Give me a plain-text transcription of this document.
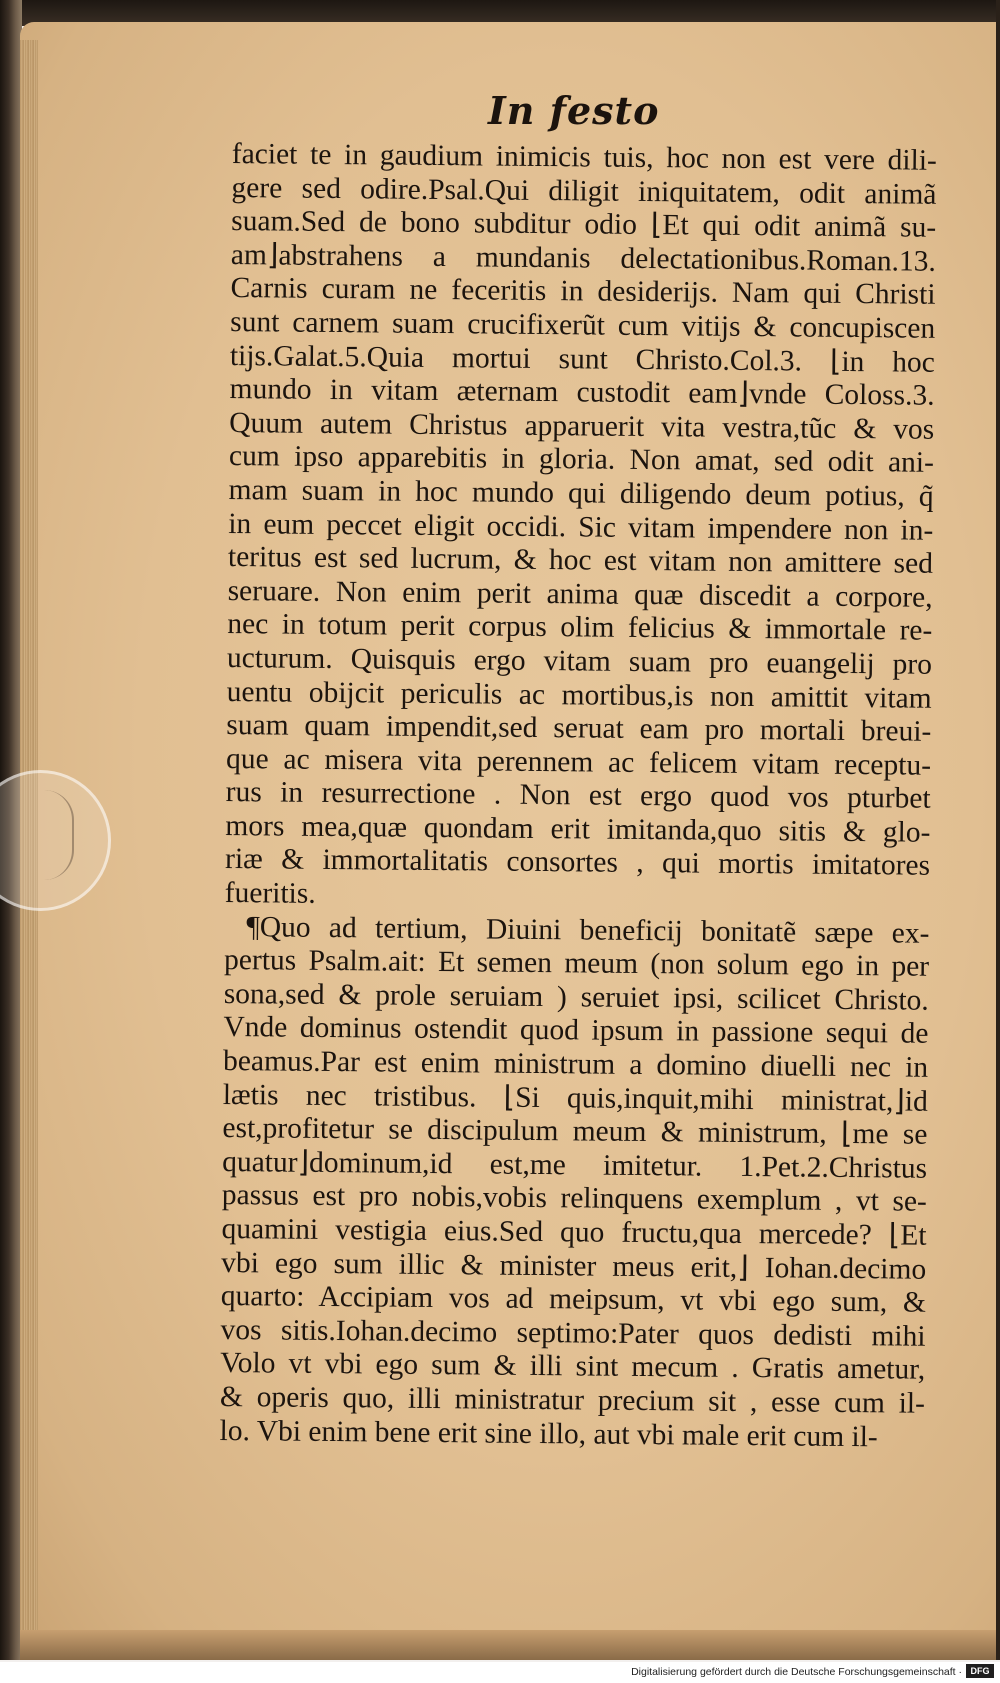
In festo
faciet te in gaudium inimicis tuis, hoc non est vere dili-
gere sed odire.Psal.Qui diligit iniquitatem, odit animã
suam.Sed de bono subditur odio ⌊Et qui odit animã su-
am⌋abstrahens a mundanis delectationibus.Roman.13.
Carnis curam ne feceritis in desiderijs. Nam qui Christi
sunt carnem suam crucifixerũt cum vitijs & concupiscen
tijs.Galat.5.Quia mortui sunt Christo.Col.3. ⌊in hoc
mundo in vitam æternam custodit eam⌋vnde Coloss.3.
Quum autem Christus apparuerit vita vestra,tũc & vos
cum ipso apparebitis in gloria. Non amat, sed odit ani-
mam suam in hoc mundo qui diligendo deum potius, q̃
in eum peccet eligit occidi. Sic vitam impendere non in-
teritus est sed lucrum, & hoc est vitam non amittere sed
seruare. Non enim perit anima quæ discedit a corpore,
nec in totum perit corpus olim felicius & immortale re-
ucturum. Quisquis ergo vitam suam pro euangelij pro
uentu obijcit periculis ac mortibus,is non amittit vitam
suam quam impendit,sed seruat eam pro mortali breui-
que ac misera vita perennem ac felicem vitam receptu-
rus in resurrectione . Non est ergo quod vos pturbet
mors mea,quæ quondam erit imitanda,quo sitis & glo-
riæ & immortalitatis consortes , qui mortis imitatores
fueritis.
¶Quo ad tertium, Diuini beneficij bonitatẽ sæpe ex-
pertus Psalm.ait: Et semen meum (non solum ego in per
sona,sed & prole seruiam ) seruiet ipsi, scilicet Christo.
Vnde dominus ostendit quod ipsum in passione sequi de
beamus.Par est enim ministrum a domino diuelli nec in
lætis nec tristibus. ⌊Si quis,inquit,mihi ministrat,⌋id
est,profitetur se discipulum meum & ministrum, ⌊me se
quatur⌋dominum,id est,me imitetur. 1.Pet.2.Christus
passus est pro nobis,vobis relinquens exemplum , vt se-
quamini vestigia eius.Sed quo fructu,qua mercede? ⌊Et
vbi ego sum illic & minister meus erit,⌋ Iohan.decimo
quarto: Accipiam vos ad meipsum, vt vbi ego sum, &
vos sitis.Iohan.decimo septimo:Pater quos dedisti mihi
Volo vt vbi ego sum & illi sint mecum . Gratis ametur,
& operis quo, illi ministratur precium sit , esse cum il-
lo. Vbi enim bene erit sine illo, aut vbi male erit cum il-
Digitalisierung gefördert durch die Deutsche Forschungsgemeinschaft · DFG
